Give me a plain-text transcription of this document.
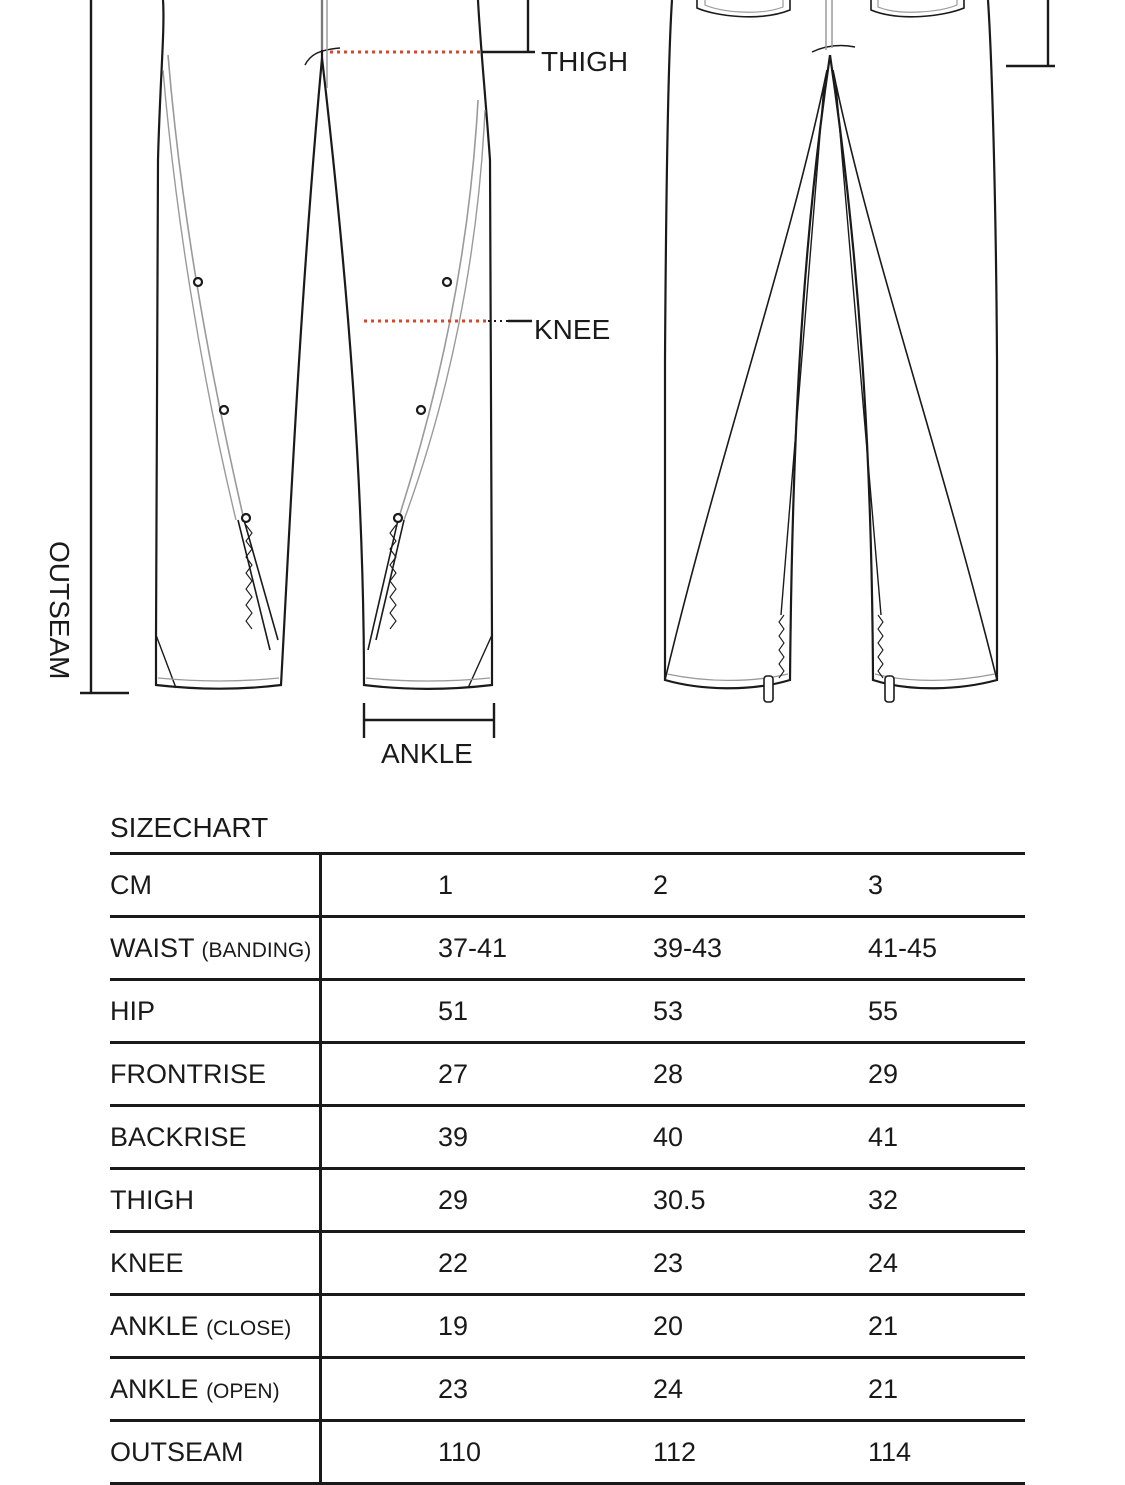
THIGH
KNEE
ANKLE
OUTSEAM
SIZECHART
CM	1	2	3
WAIST (BANDING)	37-41	39-43	41-45
HIP	51	53	55
FRONTRISE	27	28	29
BACKRISE	39	40	41
THIGH	29	30.5	32
KNEE	22	23	24
ANKLE (CLOSE)	19	20	21
ANKLE (OPEN)	23	24	21
OUTSEAM	110	112	114
